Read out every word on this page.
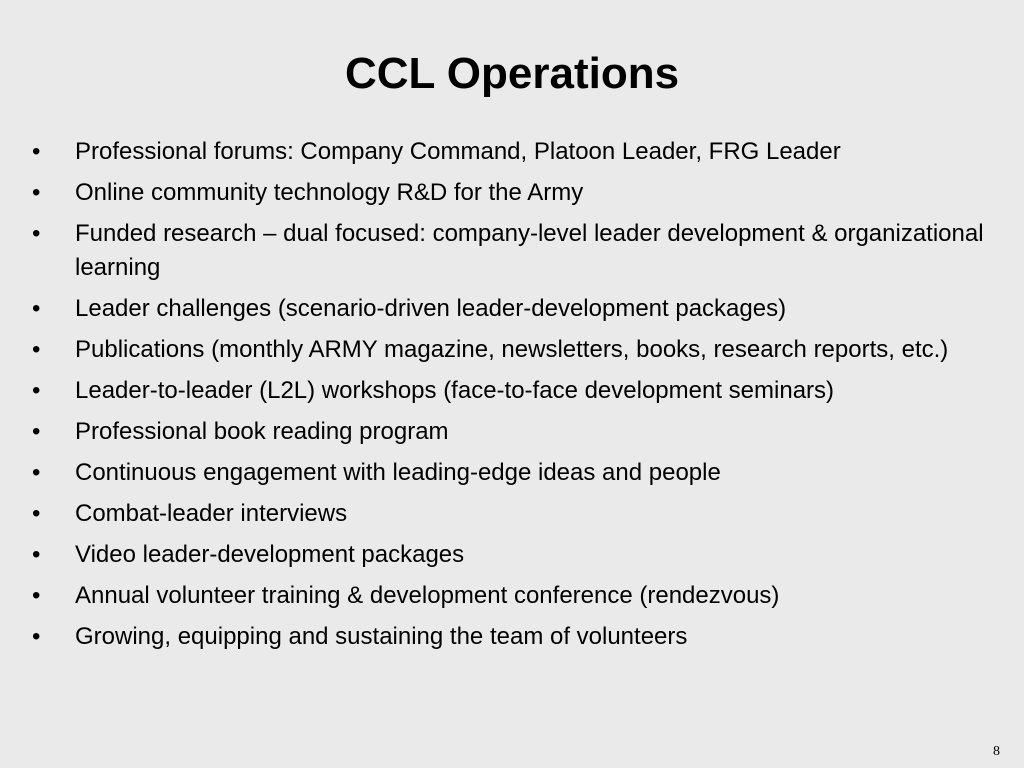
CCL Operations
•	Professional forums: Company Command, Platoon Leader, FRG Leader
•	Online community technology R&D for the Army
•	Funded research – dual focused: company-level leader development & organizational learning
•	Leader challenges (scenario-driven leader-development packages)
•	Publications (monthly ARMY magazine, newsletters, books, research reports, etc.)
•	Leader-to-leader (L2L) workshops (face-to-face development seminars)
•	Professional book reading program
•	Continuous engagement with leading-edge ideas and people
•	Combat-leader interviews
•	Video leader-development packages
•	Annual volunteer training & development conference (rendezvous)
•	Growing, equipping and sustaining the team of volunteers
8
